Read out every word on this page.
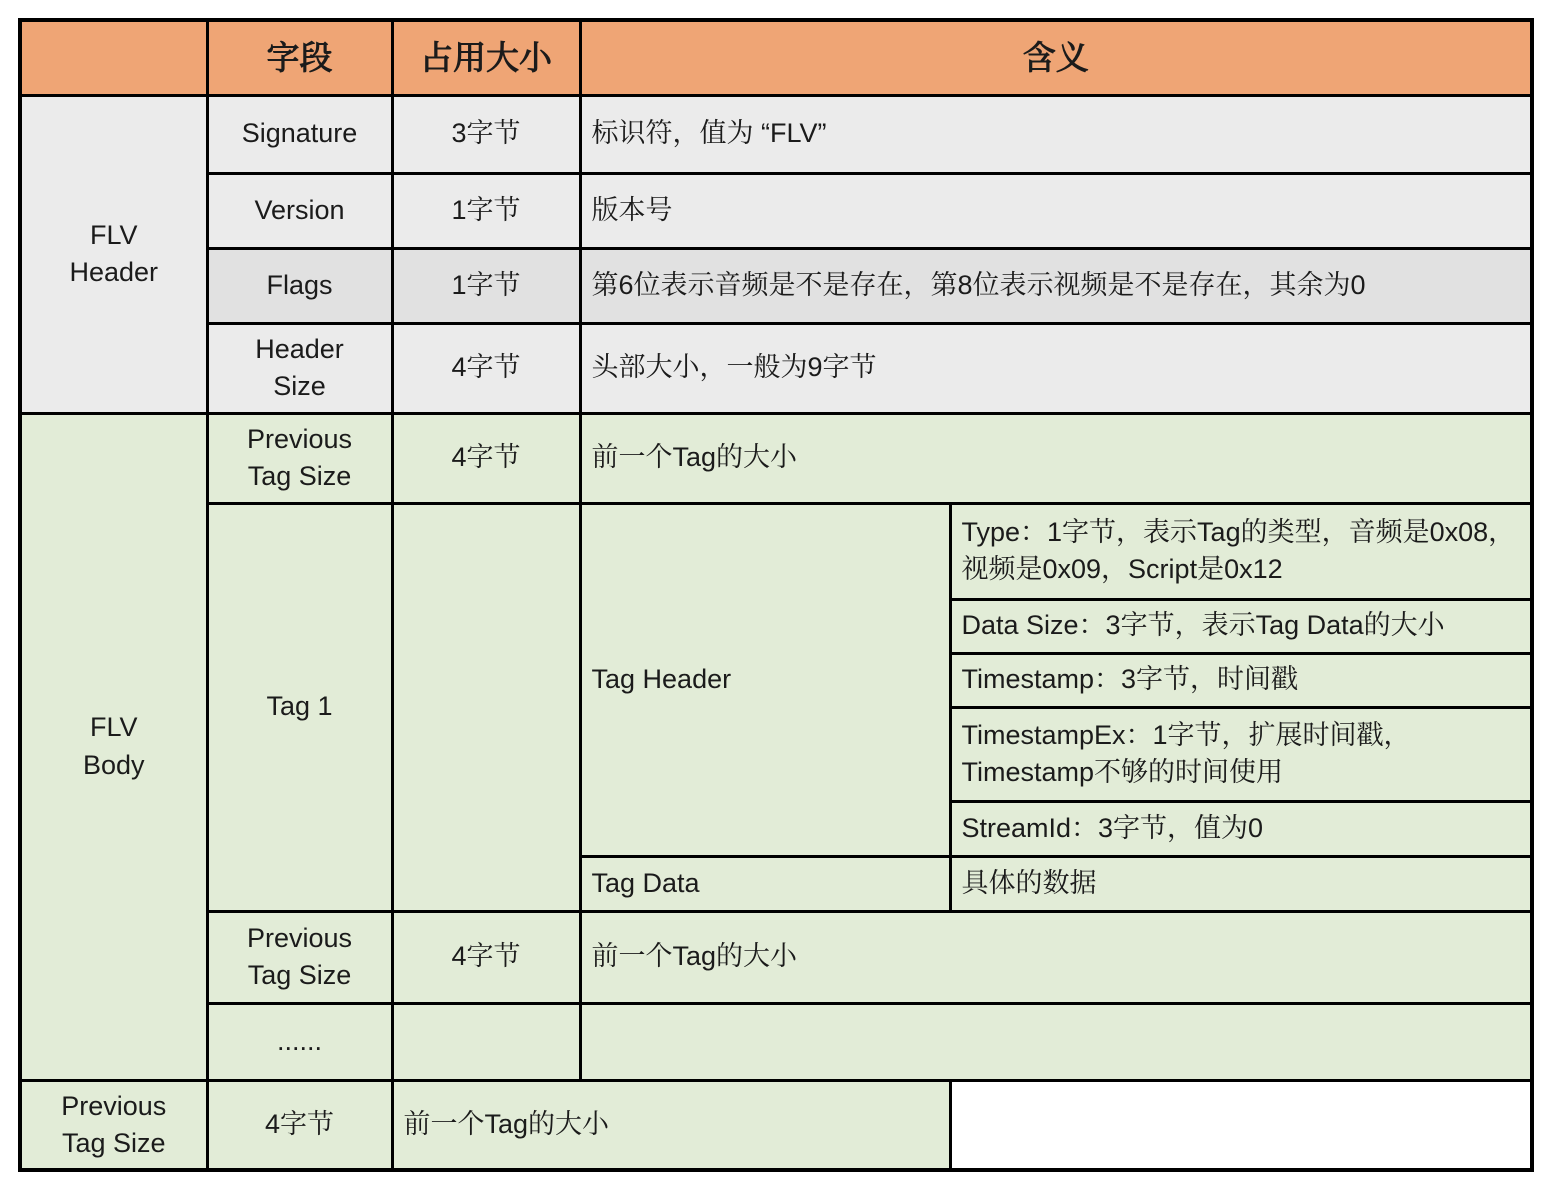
	字段	占用大小	含义	
FLV Header	Signature	3字节	标识符，值为 “FLV”	
	Version	1字节	版本号	
	Flags	1字节	第6位表示音频是不是存在，第8位表示视频是不是存在，其余为0	
	Header Size	4字节	头部大小，一般为9字节	
FLV Body	Previous Tag Size	4字节	前一个Tag的大小	
	Tag 1		Tag Header	Type：1字节，表示Tag的类型，音频是0x08，视频是0x09，Script是0x12
				Data Size：3字节，表示Tag Data的大小
				Timestamp：3字节，时间戳
				TimestampEx：1字节，扩展时间戳，Timestamp不够的时间使用
				StreamId：3字节，值为0
			Tag Data	具体的数据
	Previous Tag Size	4字节	前一个Tag的大小	
	......			
Previous Tag Size	4字节	前一个Tag的大小		
